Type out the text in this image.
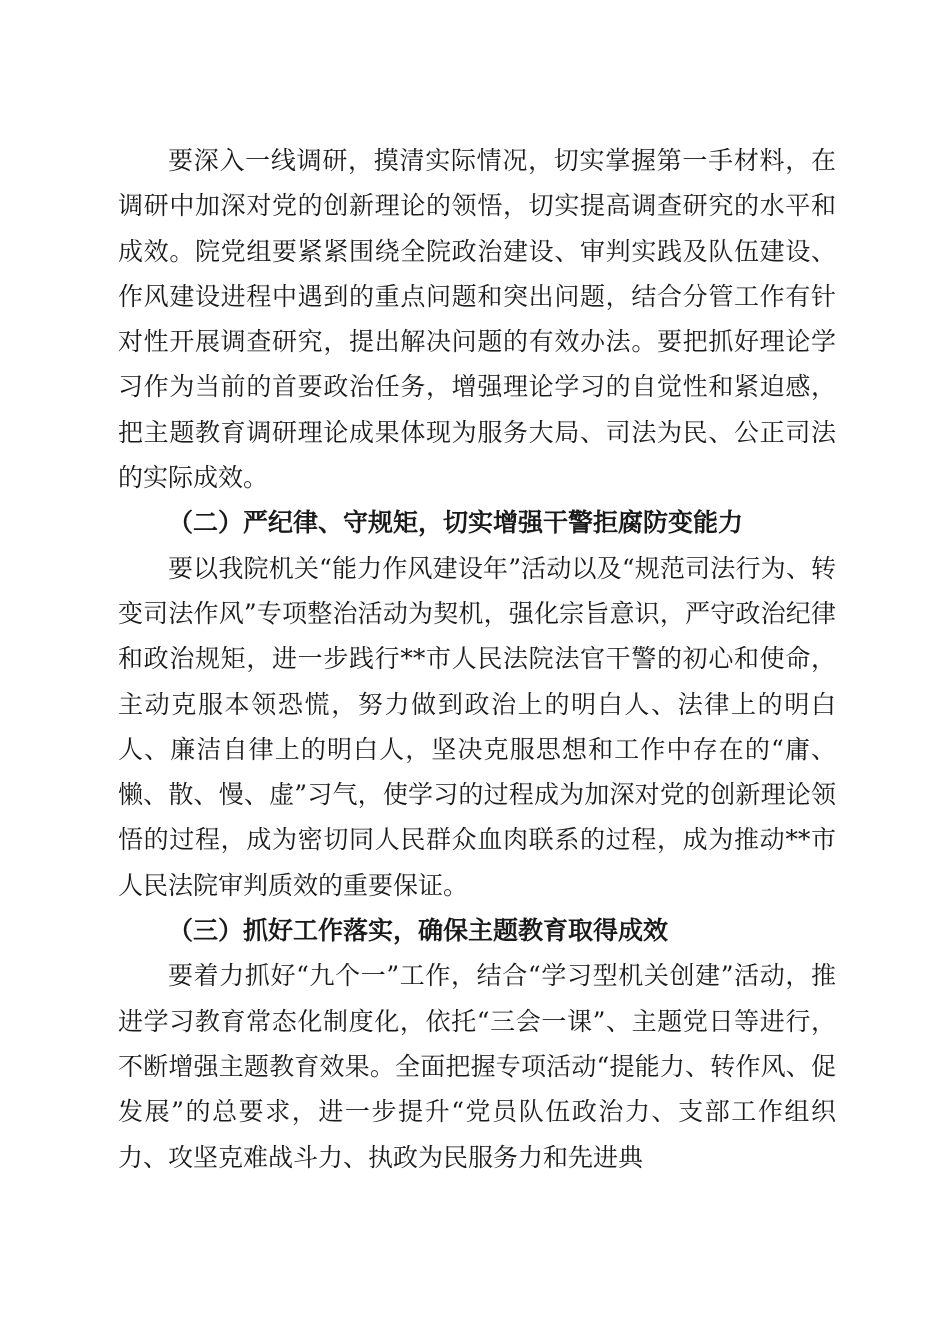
要深入一线调研，摸清实际情况，切实掌握第一手材料，在调研中加深对党的创新理论的领悟，切实提高调查研究的水平和成效。院党组要紧紧围绕全院政治建设、审判实践及队伍建设、作风建设进程中遇到的重点问题和突出问题，结合分管工作有针对性开展调查研究，提出解决问题的有效办法。要把抓好理论学习作为当前的首要政治任务，增强理论学习的自觉性和紧迫感，把主题教育调研理论成果体现为服务大局、司法为民、公正司法的实际成效。

（二）严纪律、守规矩，切实增强干警拒腐防变能力

要以我院机关“能力作风建设年”活动以及“规范司法行为、转变司法作风”专项整治活动为契机，强化宗旨意识，严守政治纪律和政治规矩，进一步践行**市人民法院法官干警的初心和使命，主动克服本领恐慌，努力做到政治上的明白人、法律上的明白人、廉洁自律上的明白人，坚决克服思想和工作中存在的“庸、懒、散、慢、虚”习气，使学习的过程成为加深对党的创新理论领悟的过程，成为密切同人民群众血肉联系的过程，成为推动**市人民法院审判质效的重要保证。

（三）抓好工作落实，确保主题教育取得成效

要着力抓好“九个一”工作，结合“学习型机关创建”活动，推进学习教育常态化制度化，依托“三会一课”、主题党日等进行，不断增强主题教育效果。全面把握专项活动“提能力、转作风、促发展”的总要求，进一步提升“党员队伍政治力、支部工作组织力、攻坚克难战斗力、执政为民服务力和先进典
